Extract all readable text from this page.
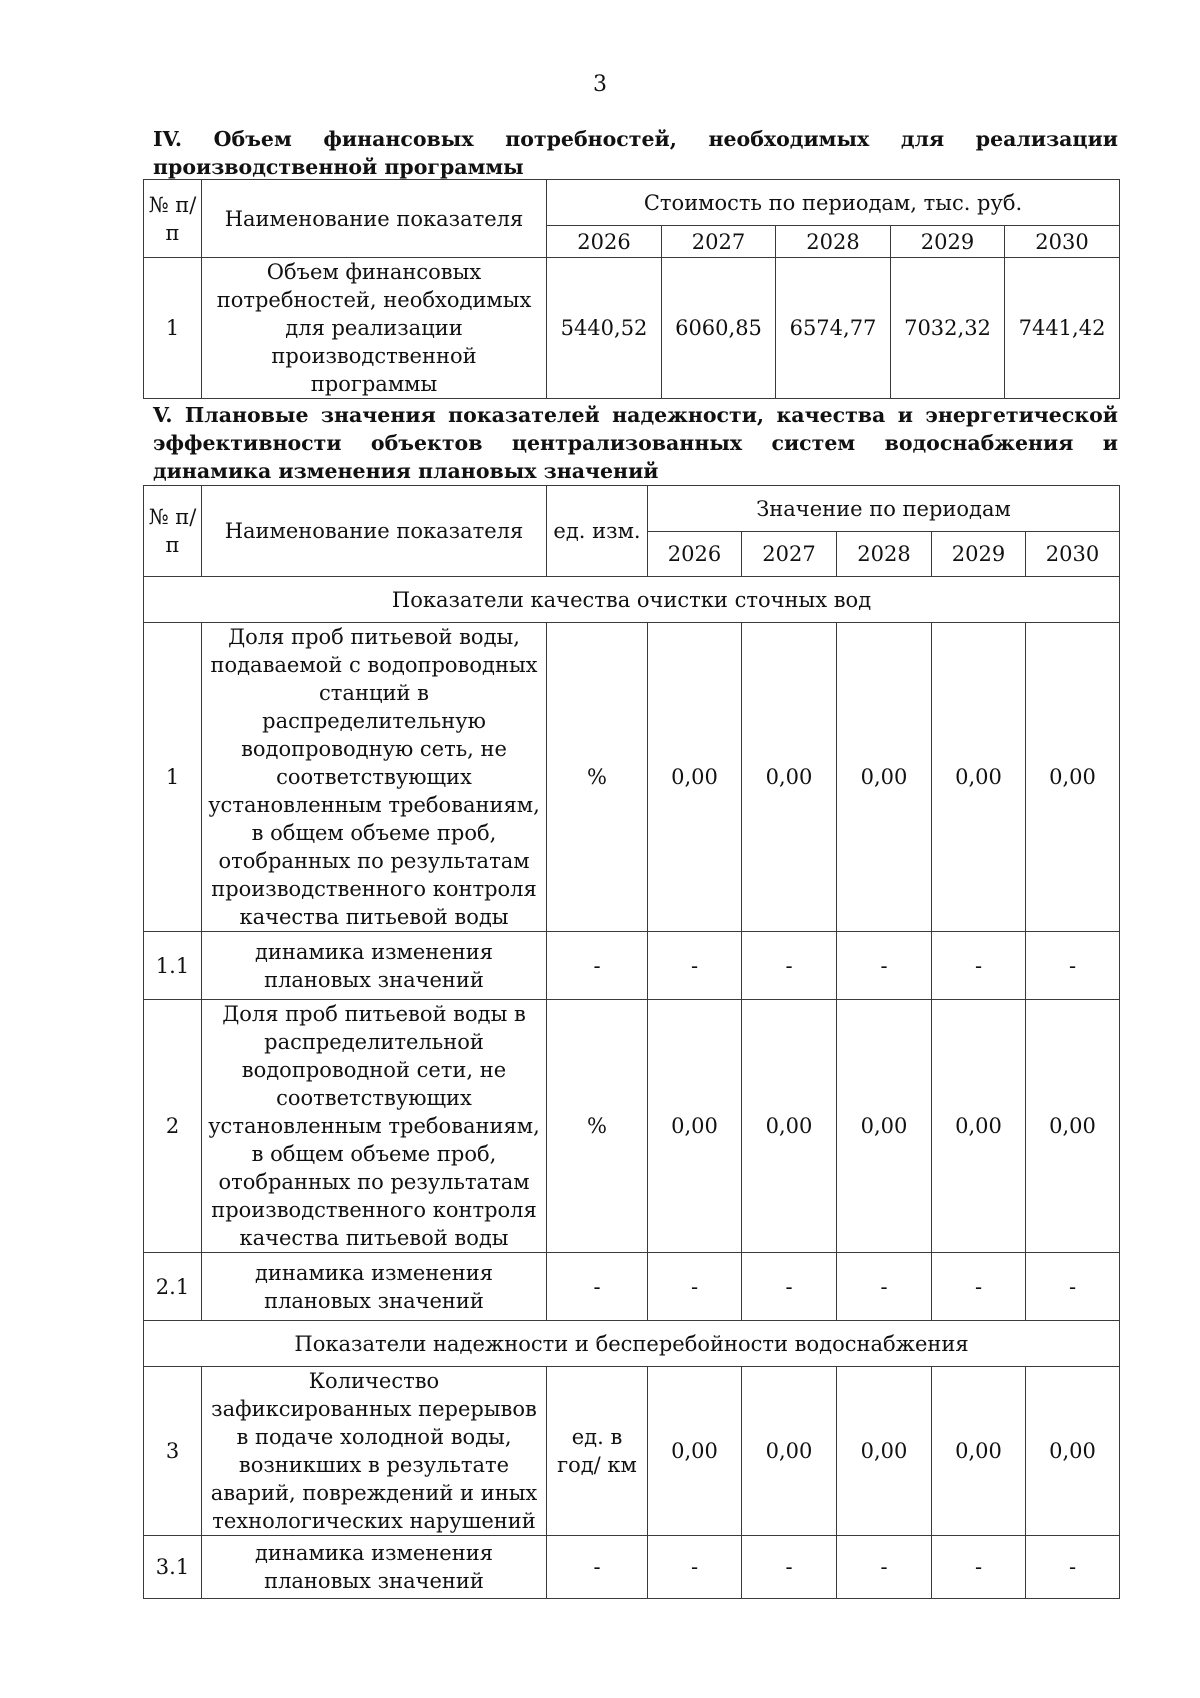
3
IV. Объем финансовых потребностей, необходимых для реализации производственной программы
№ п/п	Наименование показателя	Стоимость по периодам, тыс. руб.				
		2026	2027	2028	2029	2030
1	Объем финансовых потребностей, необходимых для реализации производственной программы	5440,52	6060,85	6574,77	7032,32	7441,42
V. Плановые значения показателей надежности, качества и энергетической эффективности объектов централизованных систем водоснабжения и динамика изменения плановых значений
№ п/п	Наименование показателя	ед. изм.	Значение по периодам				
			2026	2027	2028	2029	2030
Показатели качества очистки сточных вод							
1	Доля проб питьевой воды, подаваемой с водопроводных станций в распределительную водопроводную сеть, не соответствующих установленным требованиям, в общем объеме проб, отобранных по результатам производственного контроля качества питьевой воды	%	0,00	0,00	0,00	0,00	0,00
1.1	динамика изменения плановых значений	-	-	-	-	-	-
2	Доля проб питьевой воды в распределительной водопроводной сети, не соответствующих установленным требованиям, в общем объеме проб, отобранных по результатам производственного контроля качества питьевой воды	%	0,00	0,00	0,00	0,00	0,00
2.1	динамика изменения плановых значений	-	-	-	-	-	-
Показатели надежности и бесперебойности водоснабжения							
3	Количество зафиксированных перерывов в подаче холодной воды, возникших в результате аварий, повреждений и иных технологических нарушений	ед. в год/ км	0,00	0,00	0,00	0,00	0,00
3.1	динамика изменения плановых значений	-	-	-	-	-	-
